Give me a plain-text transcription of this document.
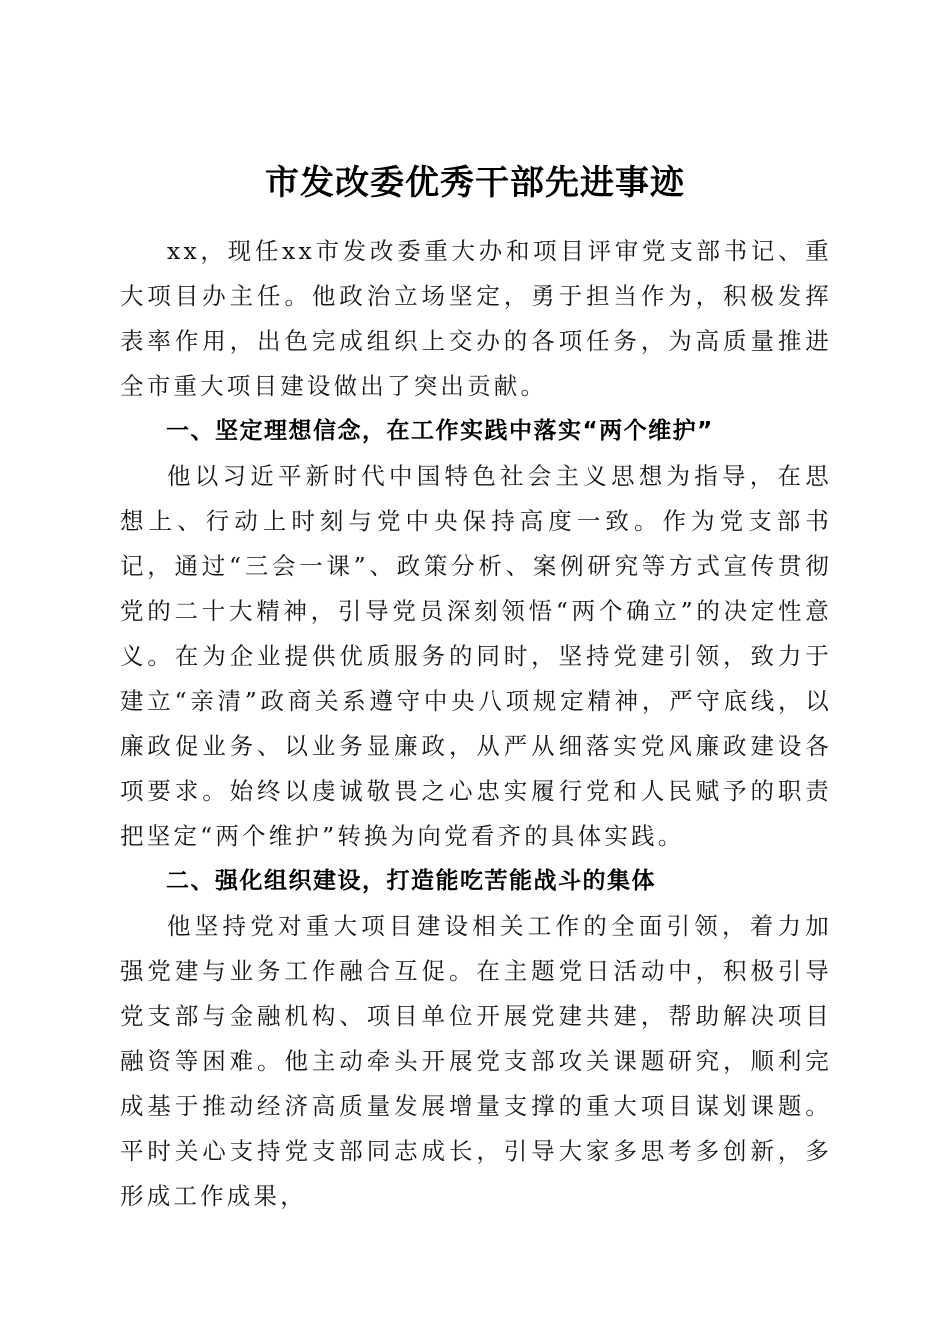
市发改委优秀干部先进事迹

xx，现任xx市发改委重大办和项目评审党支部书记、重大项目办主任。他政治立场坚定，勇于担当作为，积极发挥表率作用，出色完成组织上交办的各项任务，为高质量推进全市重大项目建设做出了突出贡献。

一、坚定理想信念，在工作实践中落实“两个维护”

他以习近平新时代中国特色社会主义思想为指导，在思想上、行动上时刻与党中央保持高度一致。作为党支部书记，通过“三会一课”、政策分析、案例研究等方式宣传贯彻党的二十大精神，引导党员深刻领悟“两个确立”的决定性意义。在为企业提供优质服务的同时，坚持党建引领，致力于建立“亲清”政商关系遵守中央八项规定精神，严守底线，以廉政促业务、以业务显廉政，从严从细落实党风廉政建设各项要求。始终以虔诚敬畏之心忠实履行党和人民赋予的职责把坚定“两个维护”转换为向党看齐的具体实践。

二、强化组织建设，打造能吃苦能战斗的集体

他坚持党对重大项目建设相关工作的全面引领，着力加强党建与业务工作融合互促。在主题党日活动中，积极引导党支部与金融机构、项目单位开展党建共建，帮助解决项目融资等困难。他主动牵头开展党支部攻关课题研究，顺利完成基于推动经济高质量发展增量支撑的重大项目谋划课题。平时关心支持党支部同志成长，引导大家多思考多创新，多形成工作成果，
